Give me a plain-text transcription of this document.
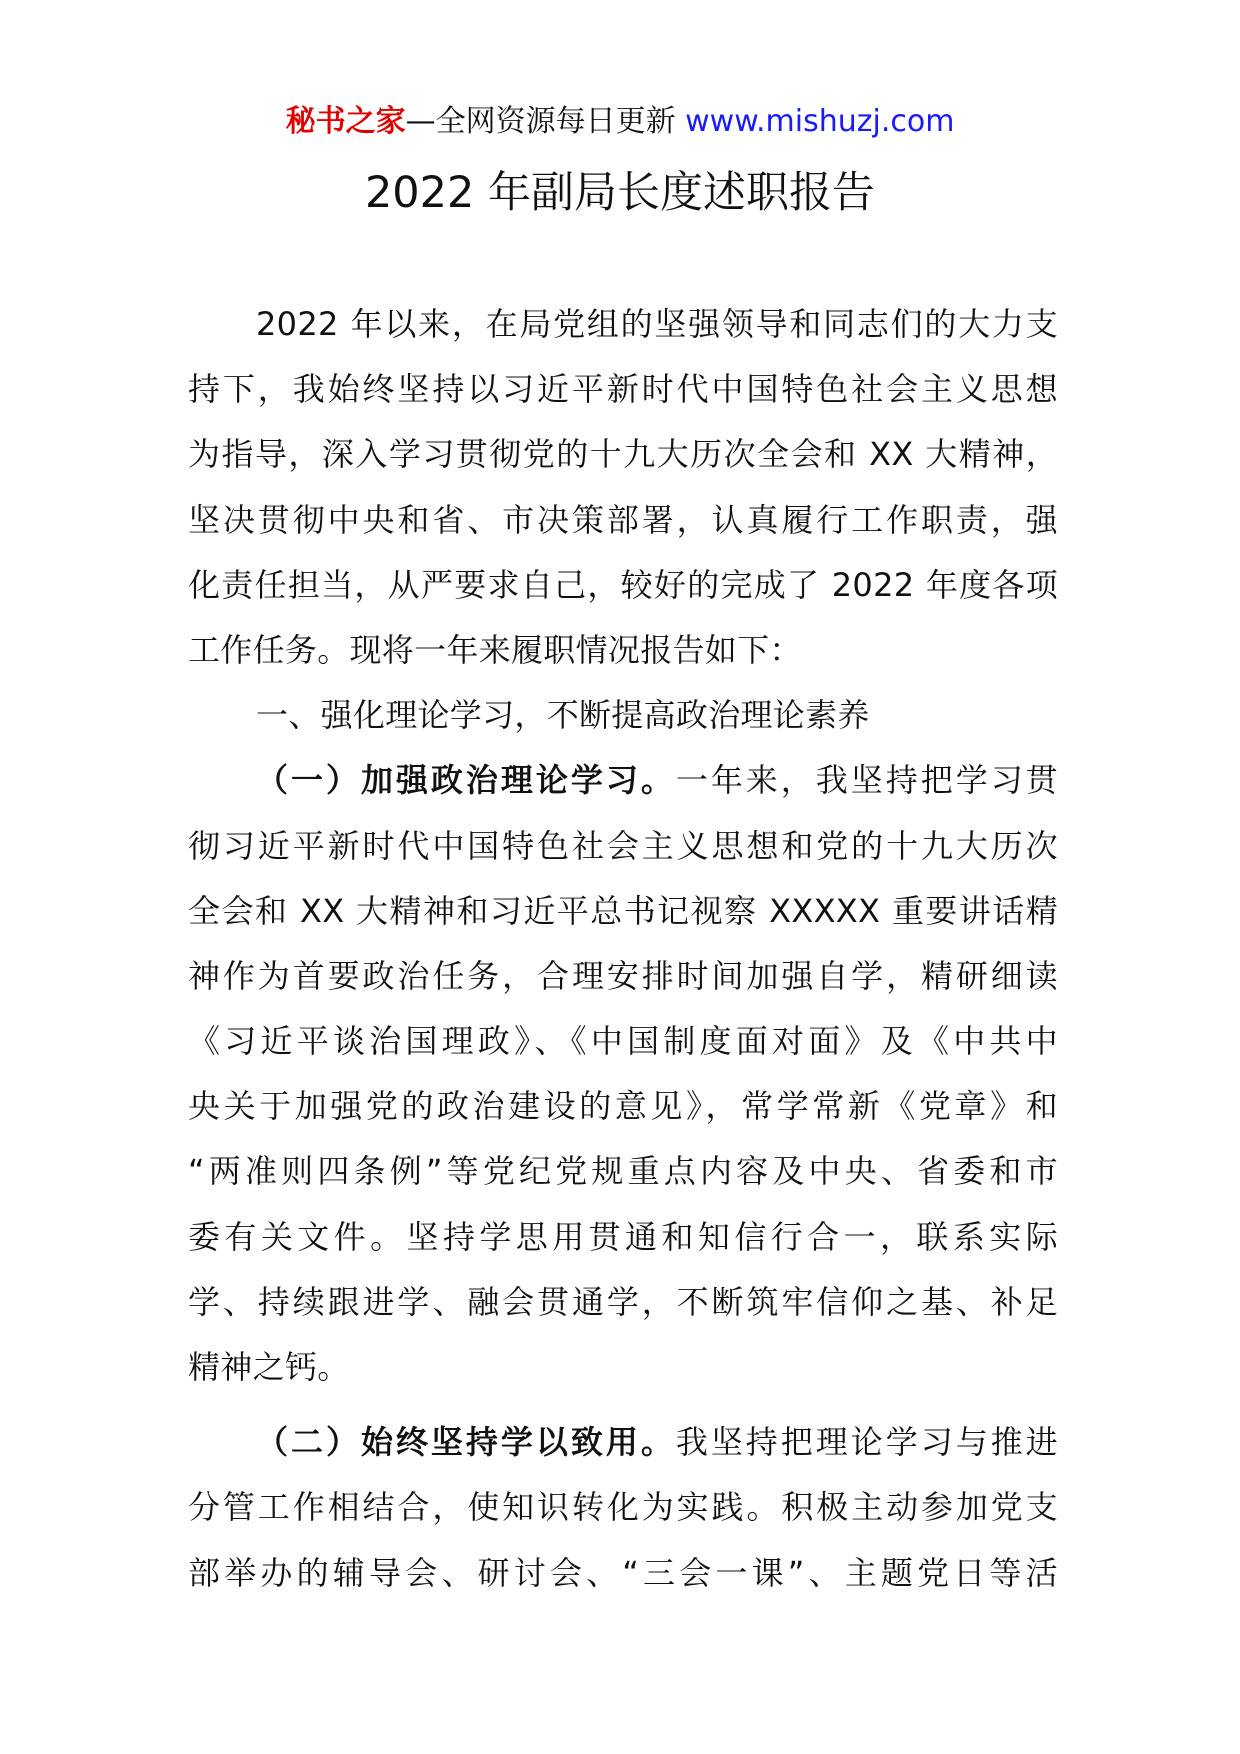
秘书之家—全网资源每日更新 www.mishuzj.com
2022 年副局长度述职报告
2022 年以来，在局党组的坚强领导和同志们的大力支
持下，我始终坚持以习近平新时代中国特色社会主义思想
为指导，深入学习贯彻党的十九大历次全会和 XX 大精神，
坚决贯彻中央和省、市决策部署，认真履行工作职责，强
化责任担当，从严要求自己，较好的完成了 2022 年度各项
工作任务。现将一年来履职情况报告如下：
一、强化理论学习，不断提高政治理论素养
（一）加强政治理论学习。一年来，我坚持把学习贯
彻习近平新时代中国特色社会主义思想和党的十九大历次
全会和 XX 大精神和习近平总书记视察 XXXXX 重要讲话精
神作为首要政治任务，合理安排时间加强自学，精研细读
《习近平谈治国理政》、《中国制度面对面》及《中共中
央关于加强党的政治建设的意见》，常学常新《党章》和
“两准则四条例”等党纪党规重点内容及中央、省委和市
委有关文件。坚持学思用贯通和知信行合一，联系实际
学、持续跟进学、融会贯通学，不断筑牢信仰之基、补足
精神之钙。
（二）始终坚持学以致用。我坚持把理论学习与推进
分管工作相结合，使知识转化为实践。积极主动参加党支
部举办的辅导会、研讨会、“三会一课”、主题党日等活
